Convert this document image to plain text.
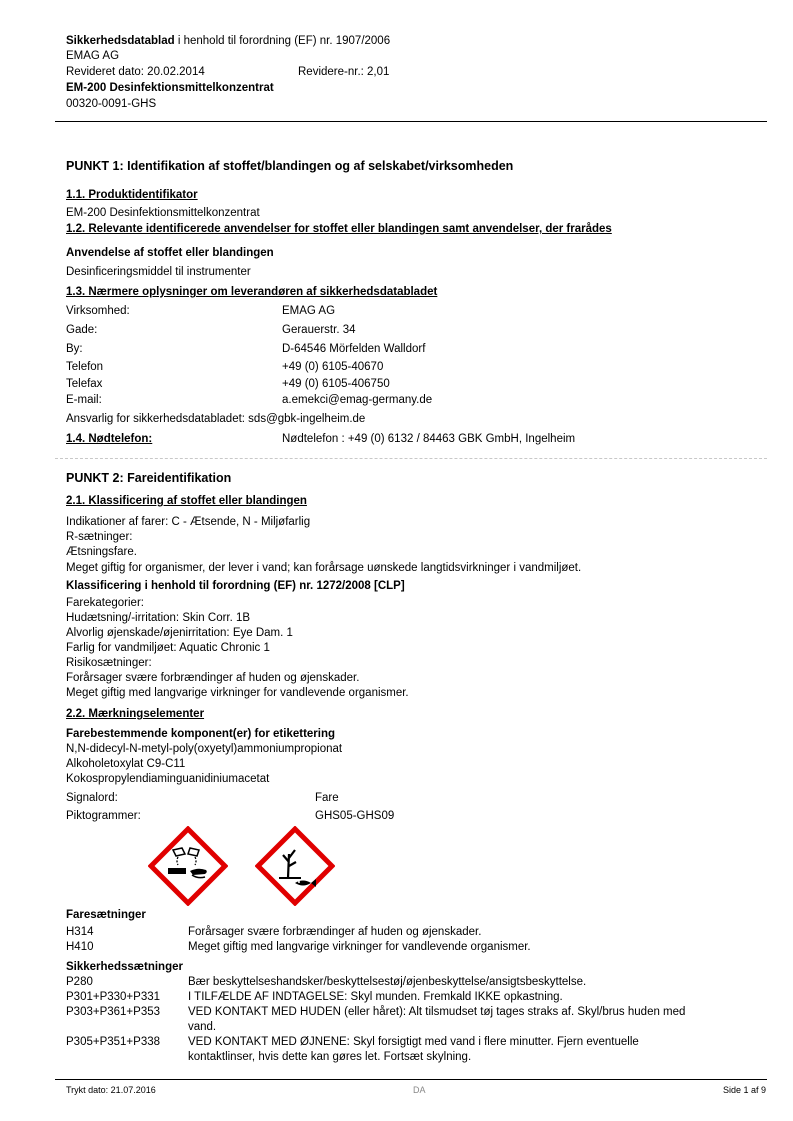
Sikkerhedsdatablad i henhold til forordning (EF) nr. 1907/2006
EMAG AG
Revideret dato: 20.02.2014	Revidere-nr.: 2,01
EM-200 Desinfektionsmittelkonzentrat
00320-0091-GHS
PUNKT 1: Identifikation af stoffet/blandingen og af selskabet/virksomheden
1.1. Produktidentifikator
EM-200 Desinfektionsmittelkonzentrat
1.2. Relevante identificerede anvendelser for stoffet eller blandingen samt anvendelser, der frarådes
Anvendelse af stoffet eller blandingen
Desinficeringsmiddel til instrumenter
1.3. Nærmere oplysninger om leverandøren af sikkerhedsdatabladet
Virksomhed:	EMAG AG
Gade:	Gerauerstr. 34
By:	D-64546 Mörfelden Walldorf
Telefon	+49 (0) 6105-40670
Telefax	+49 (0) 6105-406750
E-mail:	a.emekci@emag-germany.de
Ansvarlig for sikkerhedsdatabladet: sds@gbk-ingelheim.de
1.4. Nødtelefon:	Nødtelefon : +49 (0) 6132 / 84463 GBK GmbH, Ingelheim
PUNKT 2: Fareidentifikation
2.1. Klassificering af stoffet eller blandingen
Indikationer af farer: C - Ætsende, N - Miljøfarlig
R-sætninger:
Ætsningsfare.
Meget giftig for organismer, der lever i vand; kan forårsage uønskede langtidsvirkninger i vandmiljøet.
Klassificering i henhold til forordning (EF) nr. 1272/2008 [CLP]
Farekategorier:
Hudætsning/-irritation: Skin Corr. 1B
Alvorlig øjenskade/øjenirritation: Eye Dam. 1
Farlig for vandmiljøet: Aquatic Chronic 1
Risikosætninger:
Forårsager svære forbrændinger af huden og øjenskader.
Meget giftig med langvarige virkninger for vandlevende organismer.
2.2. Mærkningselementer
Farebestemmende komponent(er) for etikettering
N,N-didecyl-N-metyl-poly(oxyetyl)ammoniumpropionat
Alkoholetoxylat C9-C11
Kokospropylendiaminguanidiniumacetat
Signalord:	Fare
Piktogrammer:	GHS05-GHS09
Faresætninger
H314	Forårsager svære forbrændinger af huden og øjenskader.
H410	Meget giftig med langvarige virkninger for vandlevende organismer.
Sikkerhedssætninger
P280	Bær beskyttelseshandsker/beskyttelsestøj/øjenbeskyttelse/ansigtsbeskyttelse.
P301+P330+P331 I TILFÆLDE AF INDTAGELSE: Skyl munden. Fremkald IKKE opkastning.
P303+P361+P353 VED KONTAKT MED HUDEN (eller håret): Alt tilsmudset tøj tages straks af. Skyl/brus huden med
vand.
P305+P351+P338 VED KONTAKT MED ØJNENE: Skyl forsigtigt med vand i flere minutter. Fjern eventuelle
kontaktlinser, hvis dette kan gøres let. Fortsæt skylning.
Trykt dato: 21.07.2016	DA	Side 1 af 9
